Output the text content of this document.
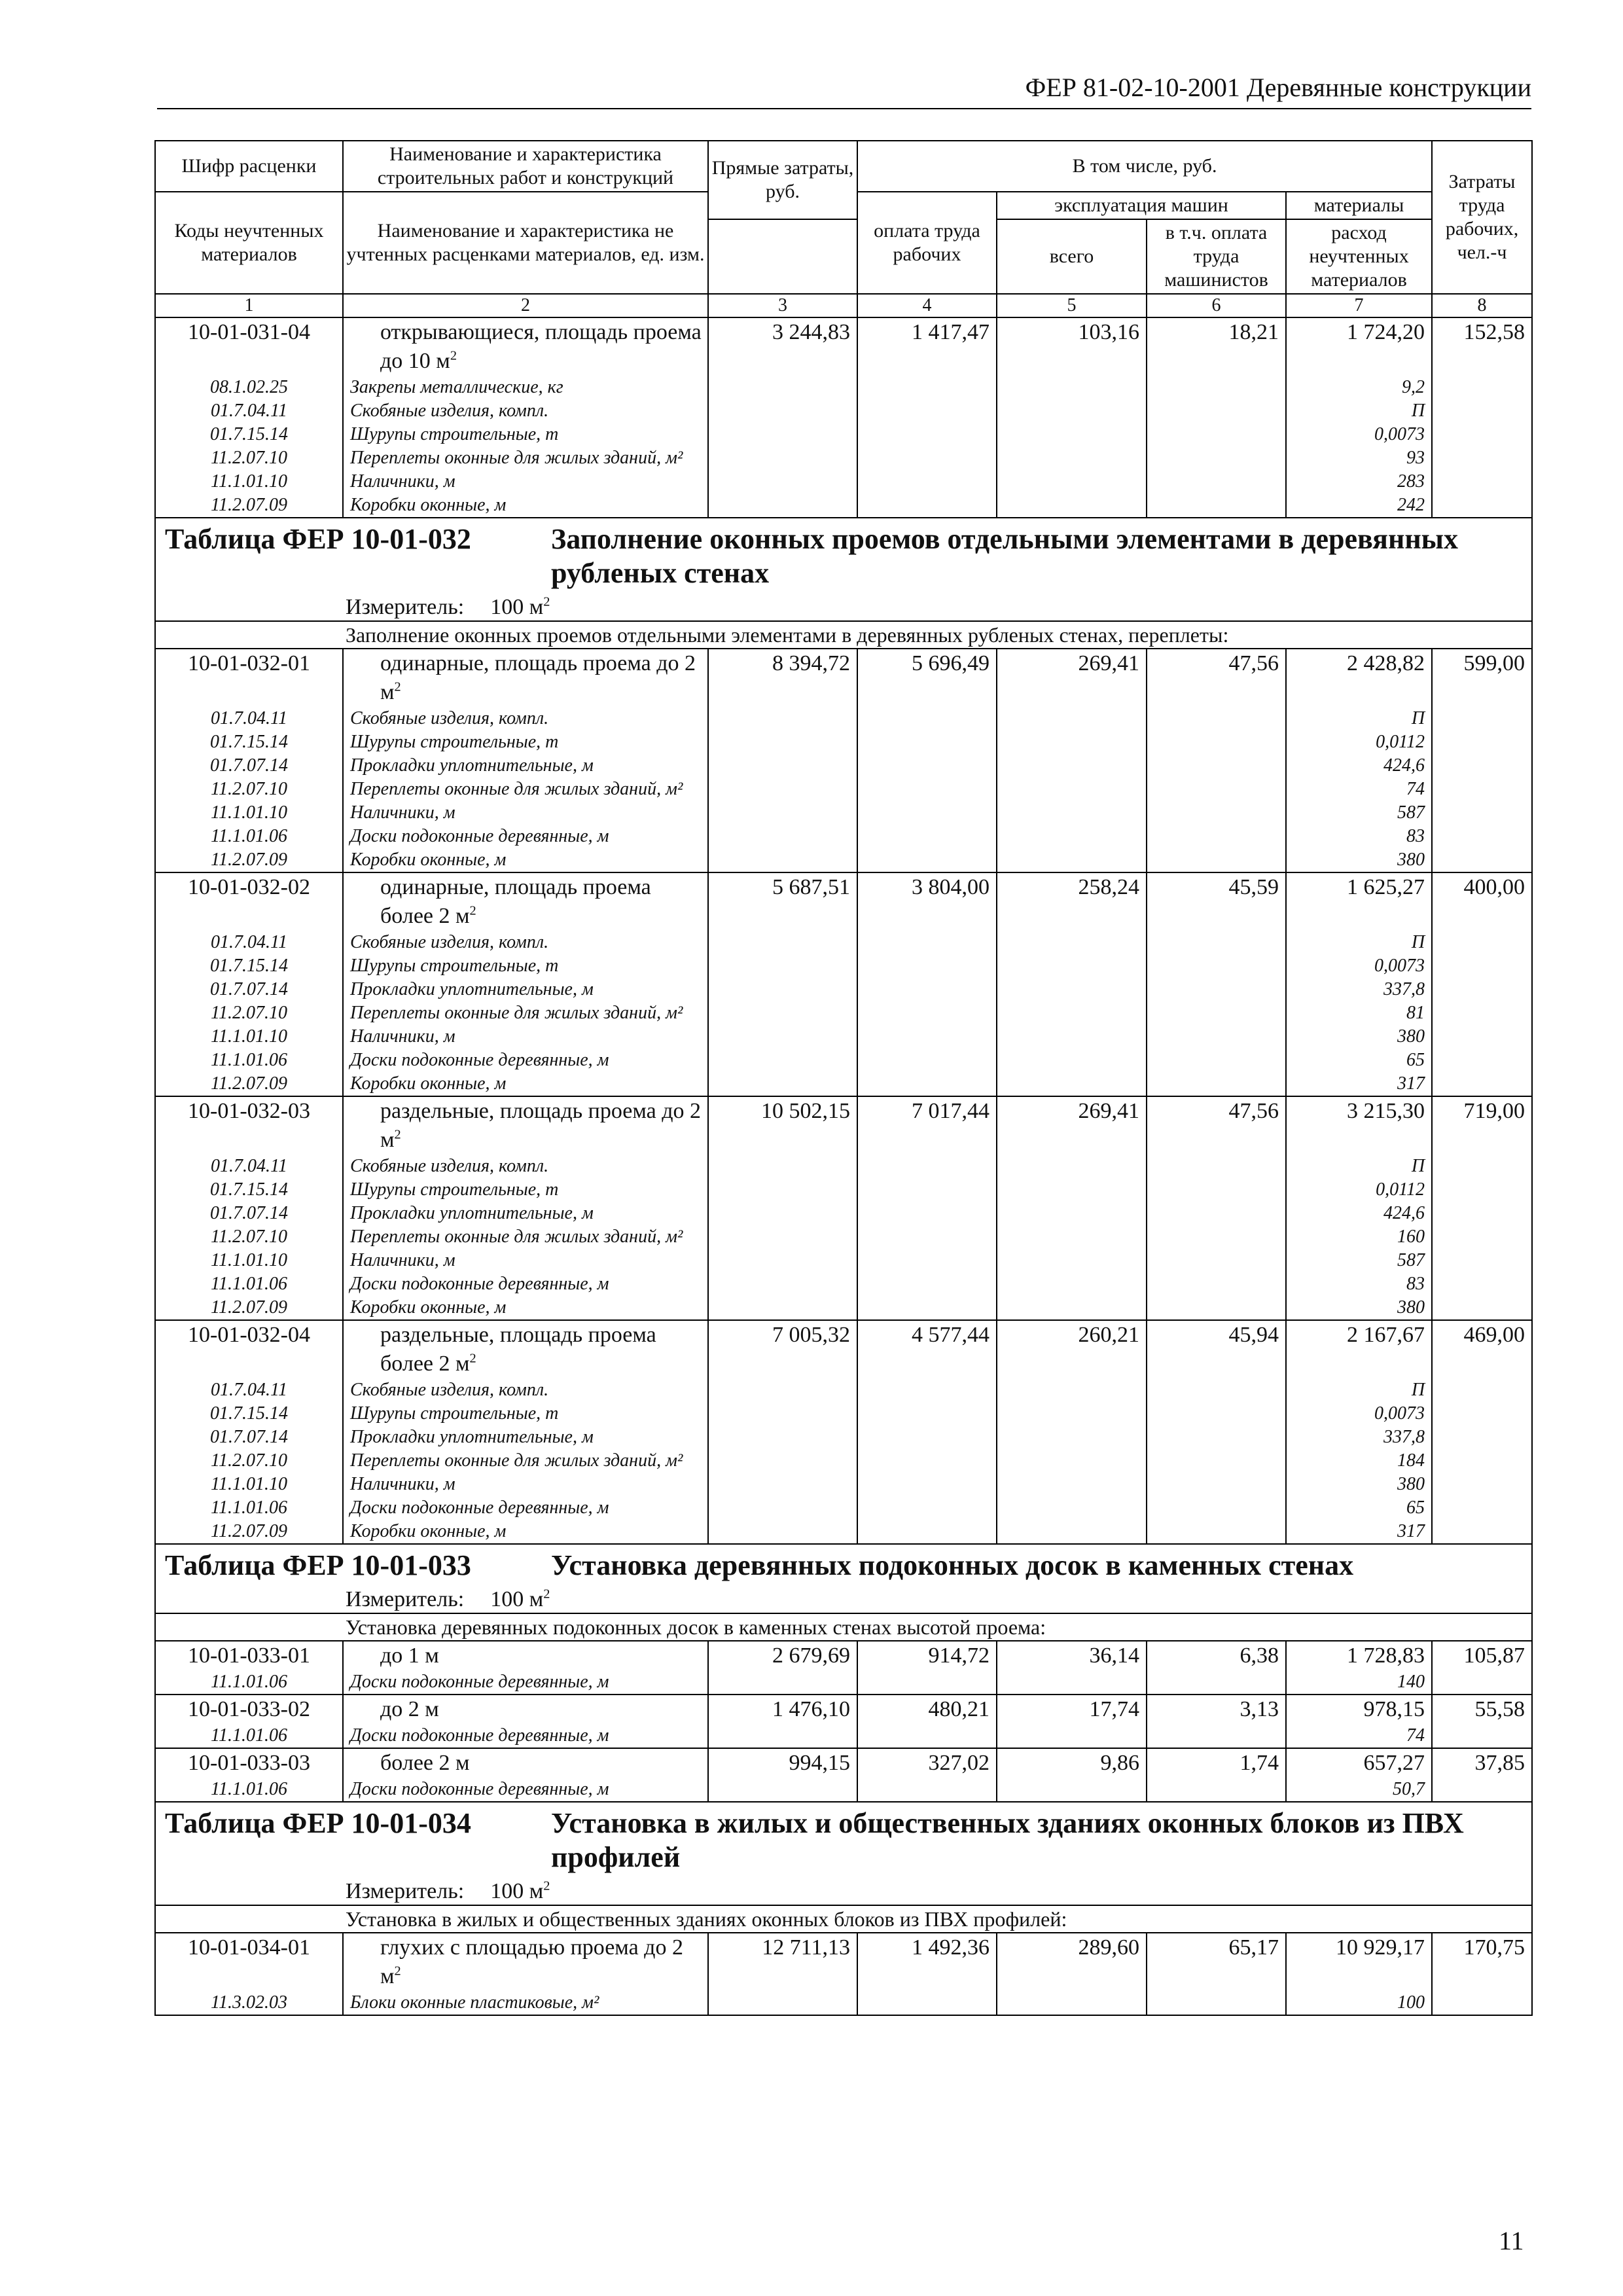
ФЕР 81-02-10-2001 Деревянные конструкции
Шифр расценки	Наименование и характеристика строительных работ и конструкций	Прямые затраты, руб.	В том числе, руб.				Затраты труда рабочих, чел.-ч
Коды неучтенных материалов	Наименование и характеристика не учтенных расценками материалов, ед. изм.						
			оплата труда рабочих	эксплуатация машин		материалы	
				всего	в т.ч. оплата труда машинистов	расход неучтенных материалов	
1	2	3	4	5	6	7	8
10-01-031-04	открывающиеся, площадь проема до 10 $м^2$	3 244,83	1 417,47	103,16	18,21	1 724,20	152,58
08.1.02.25	Закрепы металлические, кг					9,2	
01.7.04.11	Скобяные изделия, компл.					П	
01.7.15.14	Шурупы строительные, т					0,0073	
11.2.07.10	Переплеты оконные для жилых зданий, м²					93	
11.1.01.10	Наличники, м					283	
11.2.07.09	Коробки оконные, м					242	

Таблица ФЕР 10-01-032 Заполнение оконных проемов отдельными элементами в деревянных рубленых стенах							

Измеритель: 100 $м^2$
Заполнение оконных проемов отдельными элементами в деревянных рубленых стенах, переплеты:							
10-01-032-01	одинарные, площадь проема до 2 $м^2$	8 394,72	5 696,49	269,41	47,56	2 428,82	599,00
01.7.04.11	Скобяные изделия, компл.					П	
01.7.15.14	Шурупы строительные, т					0,0112	
01.7.07.14	Прокладки уплотнительные, м					424,6	
11.2.07.10	Переплеты оконные для жилых зданий, м²					74	
11.1.01.10	Наличники, м					587	
11.1.01.06	Доски подоконные деревянные, м					83	
11.2.07.09	Коробки оконные, м					380	
10-01-032-02	одинарные, площадь проема более 2 $м^2$	5 687,51	3 804,00	258,24	45,59	1 625,27	400,00
01.7.04.11	Скобяные изделия, компл.					П	
01.7.15.14	Шурупы строительные, т					0,0073	
01.7.07.14	Прокладки уплотнительные, м					337,8	
11.2.07.10	Переплеты оконные для жилых зданий, м²					81	
11.1.01.10	Наличники, м					380	
11.1.01.06	Доски подоконные деревянные, м					65	
11.2.07.09	Коробки оконные, м					317	
10-01-032-03	раздельные, площадь проема до 2 $м^2$	10 502,15	7 017,44	269,41	47,56	3 215,30	719,00
01.7.04.11	Скобяные изделия, компл.					П	
01.7.15.14	Шурупы строительные, т					0,0112	
01.7.07.14	Прокладки уплотнительные, м					424,6	
11.2.07.10	Переплеты оконные для жилых зданий, м²					160	
11.1.01.10	Наличники, м					587	
11.1.01.06	Доски подоконные деревянные, м					83	
11.2.07.09	Коробки оконные, м					380	
10-01-032-04	раздельные, площадь проема более 2 $м^2$	7 005,32	4 577,44	260,21	45,94	2 167,67	469,00
01.7.04.11	Скобяные изделия, компл.					П	
01.7.15.14	Шурупы строительные, т					0,0073	
01.7.07.14	Прокладки уплотнительные, м					337,8	
11.2.07.10	Переплеты оконные для жилых зданий, м²					184	
11.1.01.10	Наличники, м					380	
11.1.01.06	Доски подоконные деревянные, м					65	
11.2.07.09	Коробки оконные, м					317	

Таблица ФЕР 10-01-033 Установка деревянных подоконных досок в каменных стенах							

Измеритель: 100 $м^2$
Установка деревянных подоконных досок в каменных стенах высотой проема:							
10-01-033-01	до 1 м	2 679,69	914,72	36,14	6,38	1 728,83	105,87
11.1.01.06	Доски подоконные деревянные, м					140	
10-01-033-02	до 2 м	1 476,10	480,21	17,74	3,13	978,15	55,58
11.1.01.06	Доски подоконные деревянные, м					74	
10-01-033-03	более 2 м	994,15	327,02	9,86	1,74	657,27	37,85
11.1.01.06	Доски подоконные деревянные, м					50,7	

Таблица ФЕР 10-01-034 Установка в жилых и общественных зданиях оконных блоков из ПВХ профилей							

Измеритель: 100 $м^2$
Установка в жилых и общественных зданиях оконных блоков из ПВХ профилей:							
10-01-034-01	глухих с площадью проема до 2 $м^2$	12 711,13	1 492,36	289,60	65,17	10 929,17	170,75
11.3.02.03	Блоки оконные пластиковые, м²					100	
11
